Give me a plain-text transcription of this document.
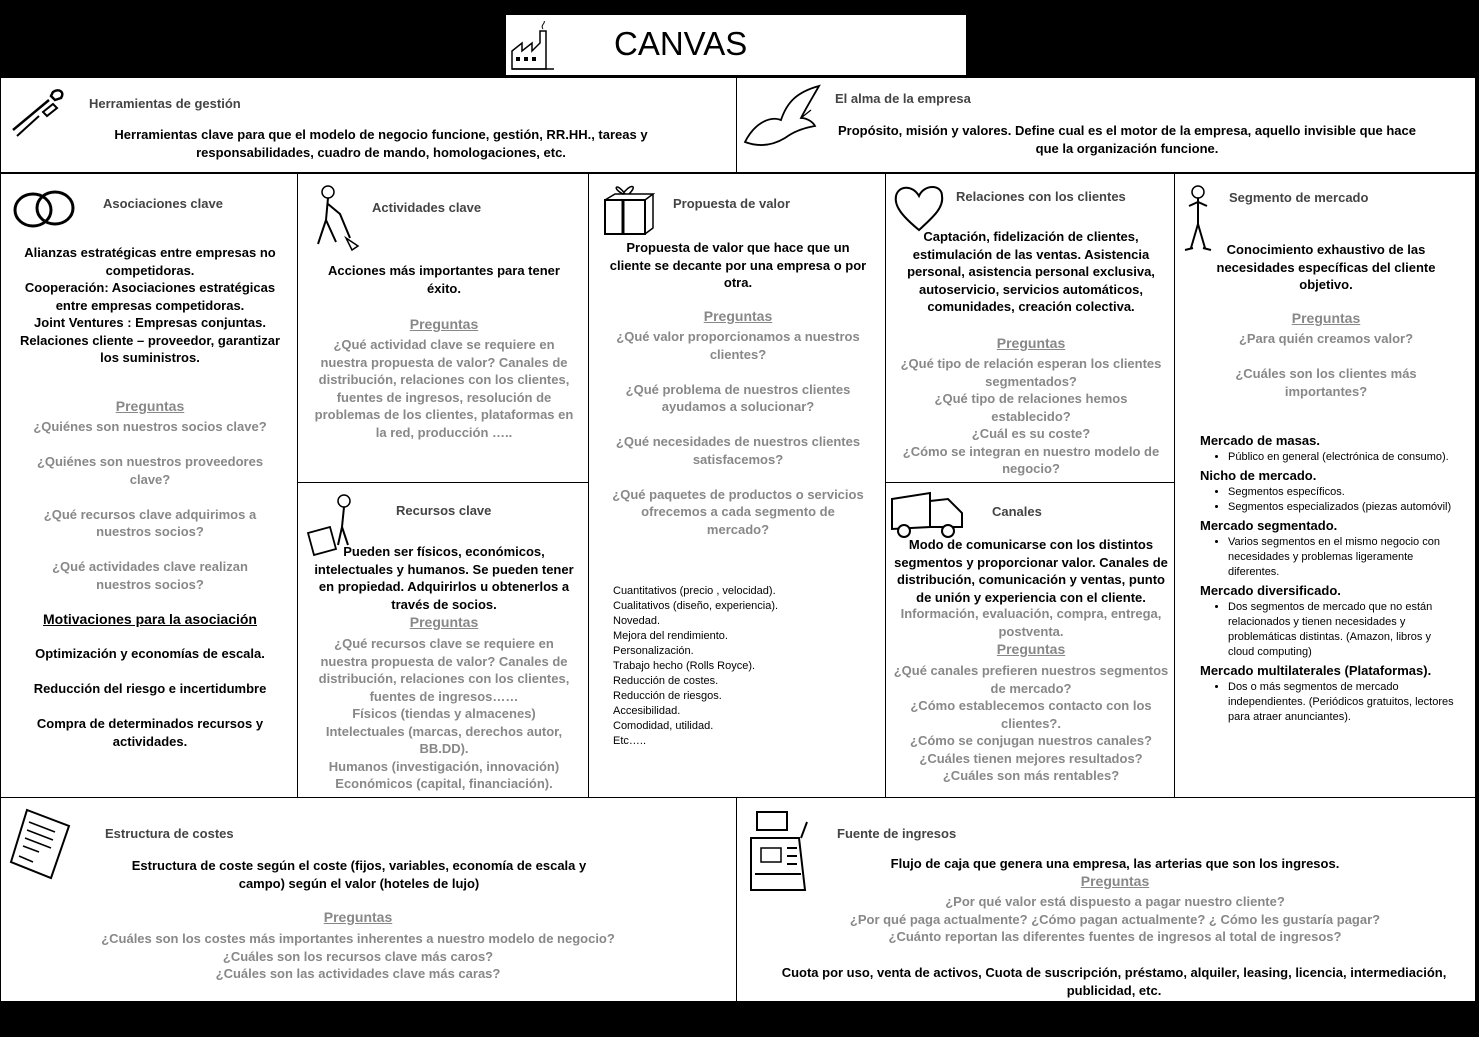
CANVAS
Herramientas de gestión
Herramientas clave para que el modelo de negocio funcione, gestión, RR.HH., tareas y responsabilidades, cuadro de mando, homologaciones, etc.
El alma de la empresa
Propósito, misión y valores. Define cual es el motor de la empresa, aquello invisible que hace que la organización funcione.
Asociaciones clave
Alianzas estratégicas entre empresas no competidoras.
Cooperación: Asociaciones estratégicas entre empresas competidoras.
Joint Ventures : Empresas conjuntas.
Relaciones cliente – proveedor, garantizar los suministros.
Preguntas
¿Quiénes son nuestros socios clave?
¿Quiénes son nuestros proveedores clave?
¿Qué recursos clave adquirimos a nuestros socios?
¿Qué actividades clave realizan nuestros socios?
Motivaciones para la asociación
Optimización y economías de escala.
Reducción del riesgo e incertidumbre
Compra de determinados recursos y actividades.
Actividades clave
Acciones más importantes para tener éxito.
Preguntas
¿Qué actividad clave se requiere en nuestra propuesta de valor? Canales de distribución, relaciones con los clientes, fuentes de ingresos, resolución de problemas de los clientes, plataformas en la red, producción …..
Recursos clave
Pueden ser físicos, económicos, intelectuales y humanos. Se pueden tener en propiedad. Adquirirlos u obtenerlos a través de socios.
Preguntas
¿Qué recursos clave se requiere en nuestra propuesta de valor? Canales de distribución, relaciones con los clientes, fuentes de ingresos……
Físicos (tiendas y almacenes)
Intelectuales (marcas, derechos autor, BB.DD).
Humanos (investigación, innovación)
Económicos (capital, financiación).
Propuesta de valor
Propuesta de valor que hace que un cliente se decante por una empresa o por otra.
Preguntas
¿Qué valor proporcionamos a nuestros clientes?
¿Qué problema de nuestros clientes ayudamos a solucionar?
¿Qué necesidades de nuestros clientes satisfacemos?
¿Qué paquetes de productos o servicios ofrecemos a cada segmento de mercado?
Cuantitativos (precio , velocidad).
Cualitativos (diseño, experiencia).
Novedad.
Mejora del rendimiento.
Personalización.
Trabajo hecho (Rolls Royce).
Reducción de costes.
Reducción de riesgos.
Accesibilidad.
Comodidad, utilidad.
Etc…..
Relaciones con los clientes
Captación, fidelización de clientes, estimulación de las ventas. Asistencia personal, asistencia personal exclusiva, autoservicio, servicios automáticos, comunidades, creación colectiva.
Preguntas
¿Qué tipo de relación esperan los clientes segmentados?
¿Qué tipo de relaciones hemos establecido?
¿Cuál es su coste?
¿Cómo se integran en nuestro modelo de negocio?
Canales
Modo de comunicarse con los distintos segmentos y proporcionar valor. Canales de distribución, comunicación y ventas, punto de unión y experiencia con el cliente.
Información, evaluación, compra, entrega, postventa.
Preguntas
¿Qué canales prefieren nuestros segmentos de mercado?
¿Cómo establecemos contacto con los clientes?.
¿Cómo se conjugan nuestros canales?
¿Cuáles tienen mejores resultados?
¿Cuáles son más rentables?
Segmento de mercado
Conocimiento exhaustivo de las necesidades específicas del cliente objetivo.
Preguntas
¿Para quién creamos valor?
¿Cuáles son los clientes más importantes?
Mercado de masas.
• Público en general (electrónica de consumo).
Nicho de mercado.
• Segmentos específicos.
• Segmentos especializados (piezas automóvil)
Mercado segmentado.
• Varios segmentos en el mismo negocio con necesidades y problemas ligeramente diferentes.
Mercado diversificado.
• Dos segmentos de mercado que no están relacionados y tienen necesidades y problemáticas distintas. (Amazon, libros y cloud computing)
Mercado multilaterales (Plataformas).
• Dos o más segmentos de mercado independientes. (Periódicos gratuitos, lectores para atraer anunciantes).
Estructura de costes
Estructura de coste según el coste (fijos, variables, economía de escala y campo) según el valor (hoteles de lujo)
Preguntas
¿Cuáles son los costes más importantes inherentes a nuestro modelo de negocio?
¿Cuáles son los recursos clave más caros?
¿Cuáles son las actividades clave más caras?
Fuente de ingresos
Flujo de caja que genera una empresa, las arterias que son los ingresos.
Preguntas
¿Por qué valor está dispuesto a pagar nuestro cliente?
¿Por qué paga actualmente? ¿Cómo pagan actualmente? ¿ Cómo les gustaría pagar?
¿Cuánto reportan las diferentes fuentes de ingresos al total de ingresos?
Cuota por uso, venta de activos, Cuota de suscripción, préstamo, alquiler, leasing, licencia, intermediación, publicidad, etc.
